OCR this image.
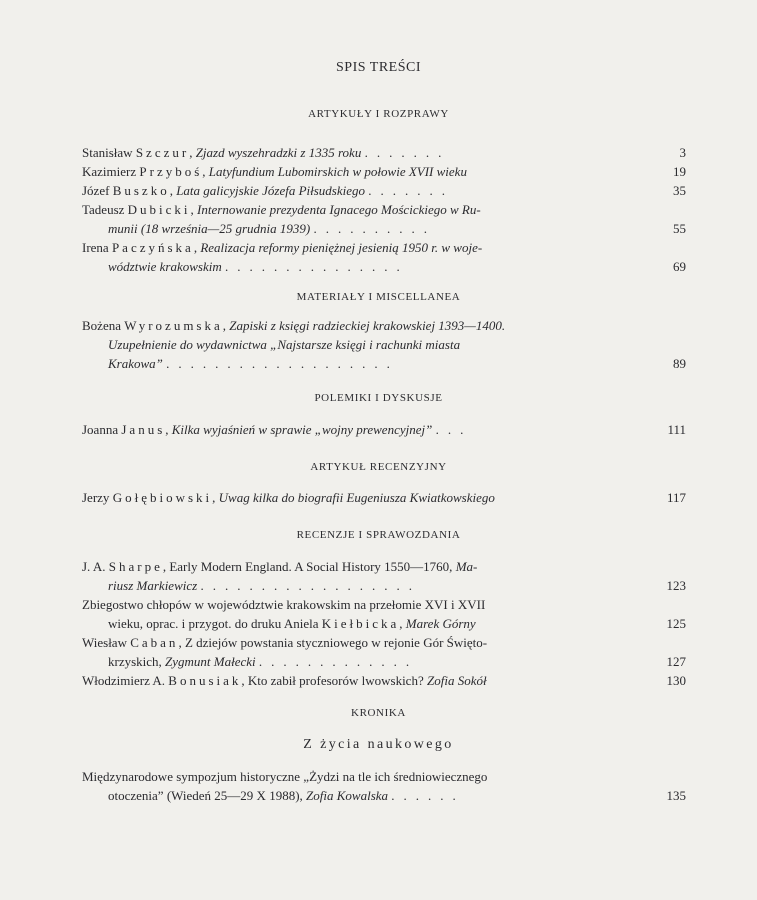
SPIS TREŚCI
ARTYKUŁY I ROZPRAWY
Stanisław Szczur, Zjazd wyszehradzki z 1335 roku .......	3
Kazimierz Przyboś, Latyfundium Lubomirskich w połowie XVII wieku	19
Józef Buszko, Lata galicyjskie Józefa Piłsudskiego .......	35
Tadeusz Dubicki, Internowanie prezydenta Ignacego Mościckiego w Ru-
munii (18 września—25 grudnia 1939) ..........	55
Irena Paczyńska, Realizacja reformy pieniężnej jesienią 1950 r. w woje-
wództwie krakowskim ...............	69
MATERIAŁY I MISCELLANEA
Bożena Wyrozumska, Zapiski z księgi radzieckiej krakowskiej 1393—1400.
Uzupełnienie do wydawnictwa „Najstarsze księgi i rachunki miasta
Krakowa” ...................	89
POLEMIKI I DYSKUSJE
Joanna Janus, Kilka wyjaśnień w sprawie „wojny prewencyjnej” ...	111
ARTYKUŁ RECENZYJNY
Jerzy Gołębiowski, Uwag kilka do biografii Eugeniusza Kwiatkowskiego	117
RECENZJE I SPRAWOZDANIA
J. A. Sharpe, Early Modern England. A Social History 1550—1760, Ma-
riusz Markiewicz ..................	123
Zbiegostwo chłopów w województwie krakowskim na przełomie XVI i XVII
wieku, oprac. i przygot. do druku Aniela Kiełbicka, Marek Górny	125
Wiesław Caban, Z dziejów powstania styczniowego w rejonie Gór Święto-
krzyskich, Zygmunt Małecki .............	127
Włodzimierz A. Bonusiak, Kto zabił profesorów lwowskich? Zofia Sokół	130
KRONIKA
Z życia naukowego
Międzynarodowe sympozjum historyczne „Żydzi na tle ich średniowiecznego
otoczenia” (Wiedeń 25—29 X 1988), Zofia Kowalska ......	135
